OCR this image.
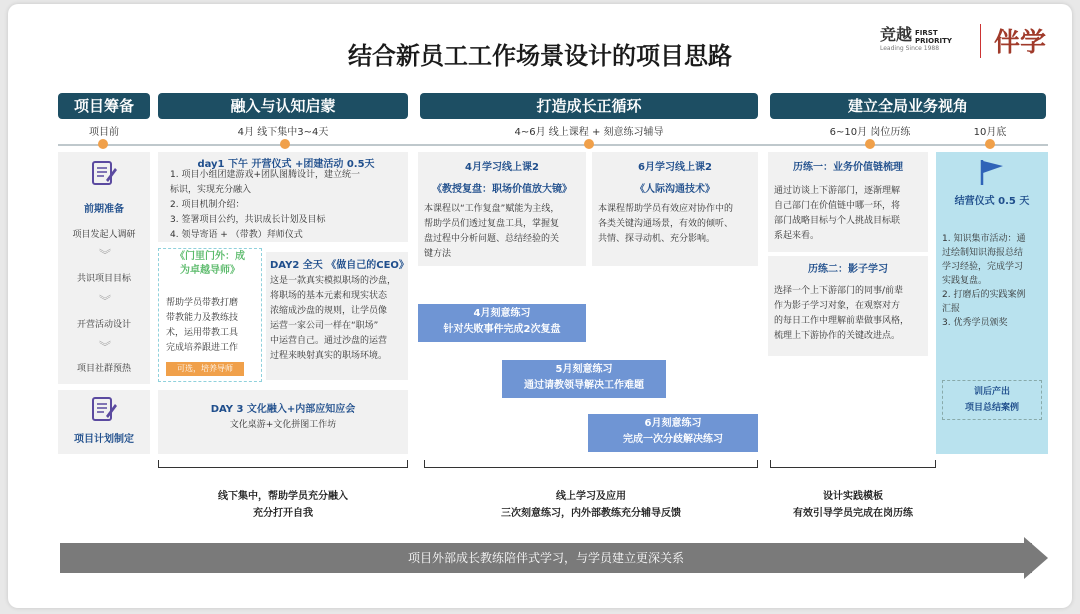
结合新员工工作场景设计的项目思路
竞越 FIRST
PRIORITY
Leading Since 1988	伴学
项目筹备	融入与认知启蒙	打造成长正循环	建立全局业务视角
项目前	4月 线下集中3~4天	4~6月 线上课程 + 刻意练习辅导	6~10月 岗位历练	10月底
前期准备
项目发起人调研
︾
共识项目目标
︾
开营活动设计
︾
项目社群预热
项目计划制定
day1 下午 开营仪式 +团建活动 0.5天
1. 项目小组团建游戏+团队图腾设计，建立统一
标识，实现充分融入
2. 项目机制介绍：
3. 签署项目公约，共识成长计划及目标
4. 领导寄语 + （带教）拜师仪式
《门里门外：成
为卓越导师》
帮助学员带教打磨
带教能力及教练技
术，运用带教工具
完成培养跟进工作
可选，培养导师
DAY2 全天 《做自己的CEO》
这是一款真实模拟职场的沙盘，
将职场的基本元素和现实状态
浓缩成沙盘的规则，让学员像
运营一家公司一样在“职场”
中运营自己。通过沙盘的运营
过程来映射真实的职场环境。
DAY 3 文化融入+内部应知应会
文化桌游+文化拼图工作坊
4月学习线上课2
《教授复盘：职场价值放大镜》
本课程以“工作复盘”赋能为主线，
帮助学员们透过复盘工具，掌握复
盘过程中分析问题、总结经验的关
键方法
6月学习线上课2
《人际沟通技术》
本课程帮助学员有效应对协作中的
各类关键沟通场景，有效的倾听、
共情、探寻动机、充分影响。
4月刻意练习
针对失败事件完成2次复盘
5月刻意练习
通过请教领导解决工作难题
6月刻意练习
完成一次分歧解决练习
历练一：业务价值链梳理
通过访谈上下游部门，逐渐理解
自己部门在价值链中哪一环，将
部门战略目标与个人挑战目标联
系起来看。
历练二：影子学习
选择一个上下游部门的同事/前辈
作为影子学习对象，在观察对方
的每日工作中理解前辈做事风格，
梳理上下游协作的关键改进点。
结营仪式 0.5 天
1. 知识集市活动：通
过绘制知识海报总结
学习经验，完成学习
实践复盘。
2. 打磨后的实践案例
汇报
3. 优秀学员颁奖
训后产出
项目总结案例
线下集中，帮助学员充分融入
充分打开自我
线上学习及应用
三次刻意练习，内外部教练充分辅导反馈
设计实践模板
有效引导学员完成在岗历练
项目外部成长教练陪伴式学习，与学员建立更深关系
